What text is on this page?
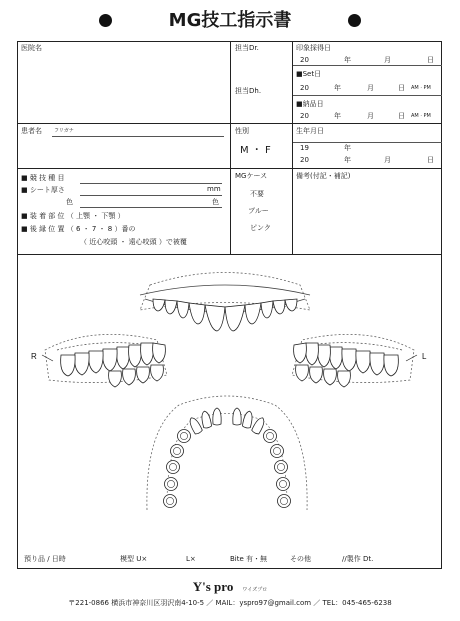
MG技工指示書
医院名	担当Dr.
担当Dh.
印象採得日
20	年	月	日
■Set日
20	年	月	日 AM · PM
■納品日
20	年	月	日 AM · PM
患者名 フリガナ	性別
M ・ F
生年月日
19	年
20	年	月	日
■ 競 技 種 目
■ シート厚さ	mm
色	色
■ 装 着 部 位 （ 上顎 ・ 下顎 ）
■ 後 縁 位 置 （ 6 ・ 7 ・ 8 ）番の
（ 近心咬頭 ・ 遠心咬頭 ）で被覆
MGケース
不要
ブルー
ピンク
備考(付記・補記)
R	L
預り品 / 日時	模型 U×	L×	Bite 有・無	その他	//製作 Dt.
Y's pro ワイズプロ
〒221-0866 横浜市神奈川区羽沢南4-10-5 ／ MAIL：yspro97@gmail.com ／ TEL：045-465-6238
